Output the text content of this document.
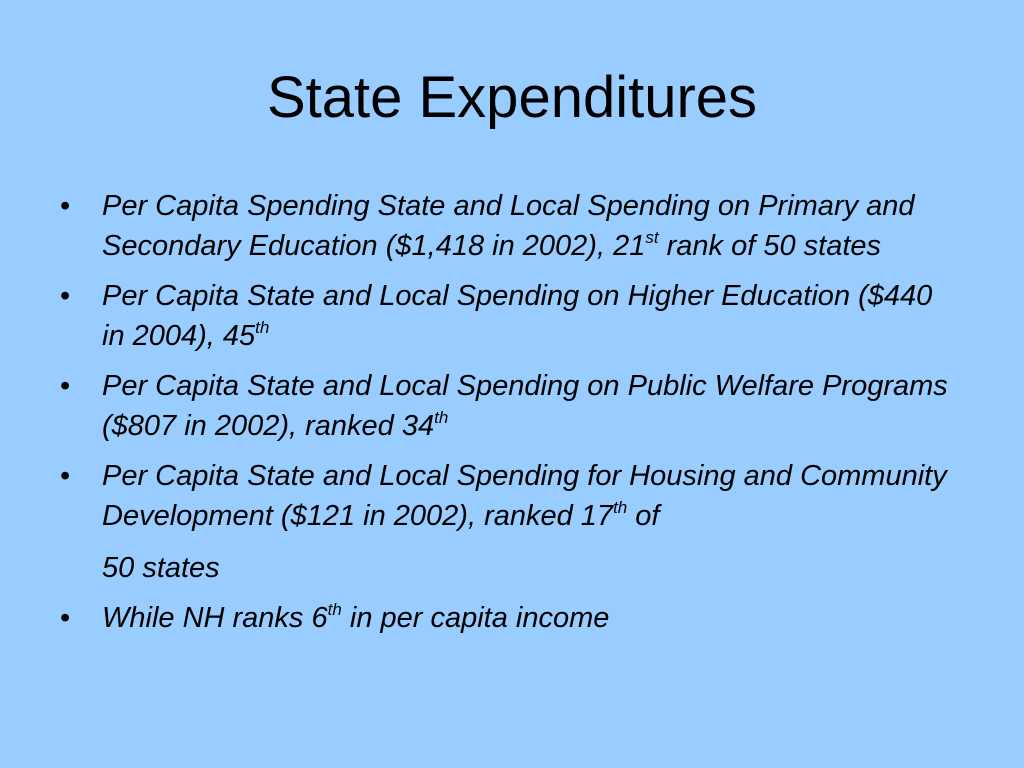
State Expenditures
• Per Capita Spending State and Local Spending on Primary and Secondary Education ($1,418 in 2002), 21st rank of 50 states
• Per Capita State and Local Spending on Higher Education ($440 in 2004), 45th
• Per Capita State and Local Spending on Public Welfare Programs ($807 in 2002), ranked 34th
• Per Capita State and Local Spending for Housing and Community Development ($121 in 2002), ranked 17th of
50 states
• While NH ranks 6th in per capita income
